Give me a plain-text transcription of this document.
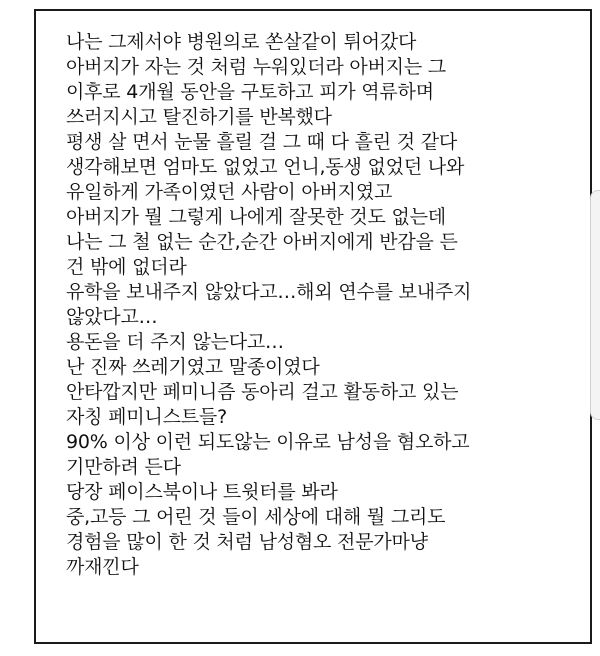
나는 그제서야 병원의로 쏜살같이 튀어갔다
아버지가 자는 것 처럼 누워있더라 아버지는 그
이후로 4개월 동안을 구토하고 피가 역류하며
쓰러지시고 탈진하기를 반복했다
평생 살 면서 눈물 흘릴 걸 그 때 다 흘린 것 같다
생각해보면 엄마도 없었고 언니,동생 없었던 나와
유일하게 가족이였던 사람이 아버지였고
아버지가 뭘 그렇게 나에게 잘못한 것도 없는데
나는 그 철 없는 순간,순간 아버지에게 반감을 든
건 밖에 없더라
유학을 보내주지 않았다고…해외 연수를 보내주지
않았다고…
용돈을 더 주지 않는다고…
난 진짜 쓰레기였고 말종이였다
안타깝지만 페미니즘 동아리 걸고 활동하고 있는
자칭 페미니스트들?
90% 이상 이런 되도않는 이유로 남성을 혐오하고
기만하려 든다
당장 페이스북이나 트윗터를 봐라
중,고등 그 어린 것 들이 세상에 대해 뭘 그리도
경험을 많이 한 것 처럼 남성혐오 전문가마냥
까재낀다
